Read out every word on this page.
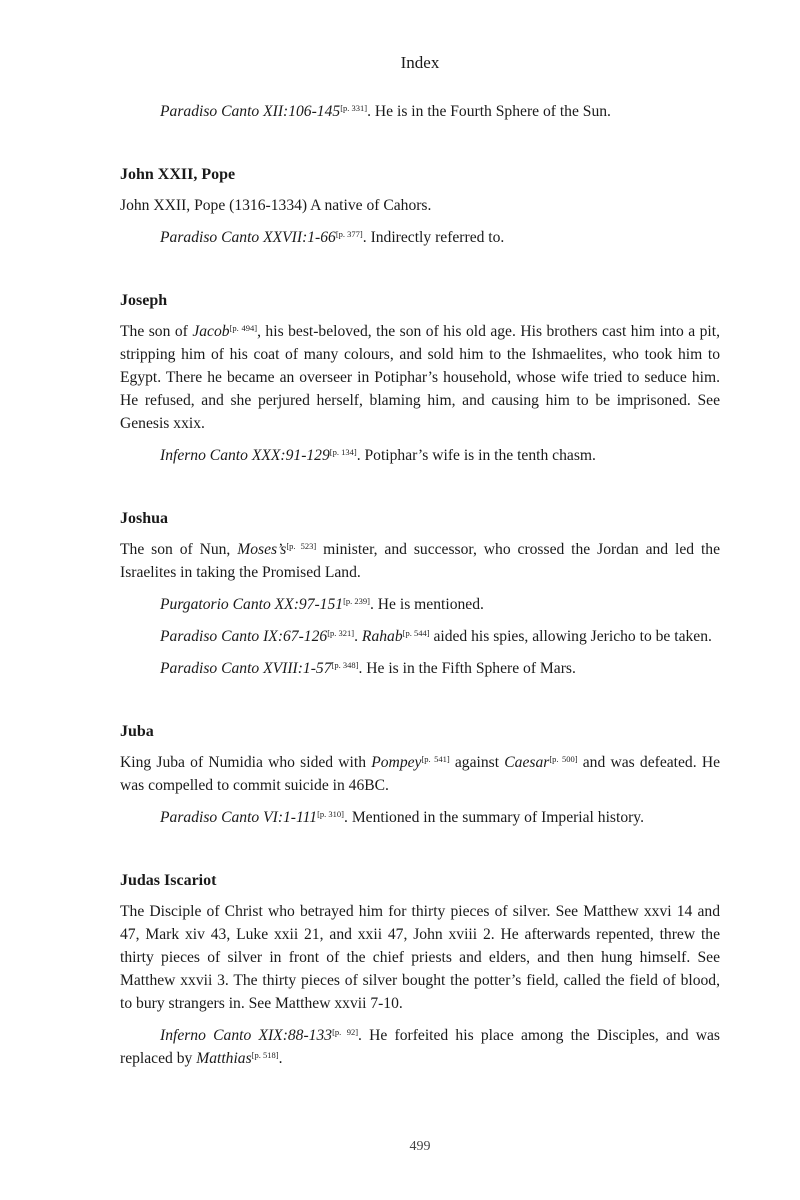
Index

Paradiso Canto XII:106-145[p. 331]. He is in the Fourth Sphere of the Sun.

John XXII, Pope

John XXII, Pope (1316-1334) A native of Cahors.

Paradiso Canto XXVII:1-66[p. 377]. Indirectly referred to.

Joseph

The son of Jacob[p. 494], his best-beloved, the son of his old age. His brothers cast him into a pit, stripping him of his coat of many colours, and sold him to the Ishmaelites, who took him to Egypt. There he became an overseer in Potiphar’s household, whose wife tried to seduce him. He refused, and she perjured herself, blaming him, and causing him to be imprisoned. See Genesis xxix.

Inferno Canto XXX:91-129[p. 134]. Potiphar’s wife is in the tenth chasm.

Joshua

The son of Nun, Moses’s[p. 523] minister, and successor, who crossed the Jordan and led the Israelites in taking the Promised Land.

Purgatorio Canto XX:97-151[p. 239]. He is mentioned.

Paradiso Canto IX:67-126[p. 321]. Rahab[p. 544] aided his spies, allowing Jericho to be taken.

Paradiso Canto XVIII:1-57[p. 348]. He is in the Fifth Sphere of Mars.

Juba

King Juba of Numidia who sided with Pompey[p. 541] against Caesar[p. 500] and was defeated. He was compelled to commit suicide in 46BC.

Paradiso Canto VI:1-111[p. 310]. Mentioned in the summary of Imperial history.

Judas Iscariot

The Disciple of Christ who betrayed him for thirty pieces of silver. See Matthew xxvi 14 and 47, Mark xiv 43, Luke xxii 21, and xxii 47, John xviii 2. He afterwards repented, threw the thirty pieces of silver in front of the chief priests and elders, and then hung himself. See Matthew xxvii 3. The thirty pieces of silver bought the potter’s field, called the field of blood, to bury strangers in. See Matthew xxvii 7-10.

Inferno Canto XIX:88-133[p. 92]. He forfeited his place among the Disciples, and was replaced by Matthias[p. 518].

499
